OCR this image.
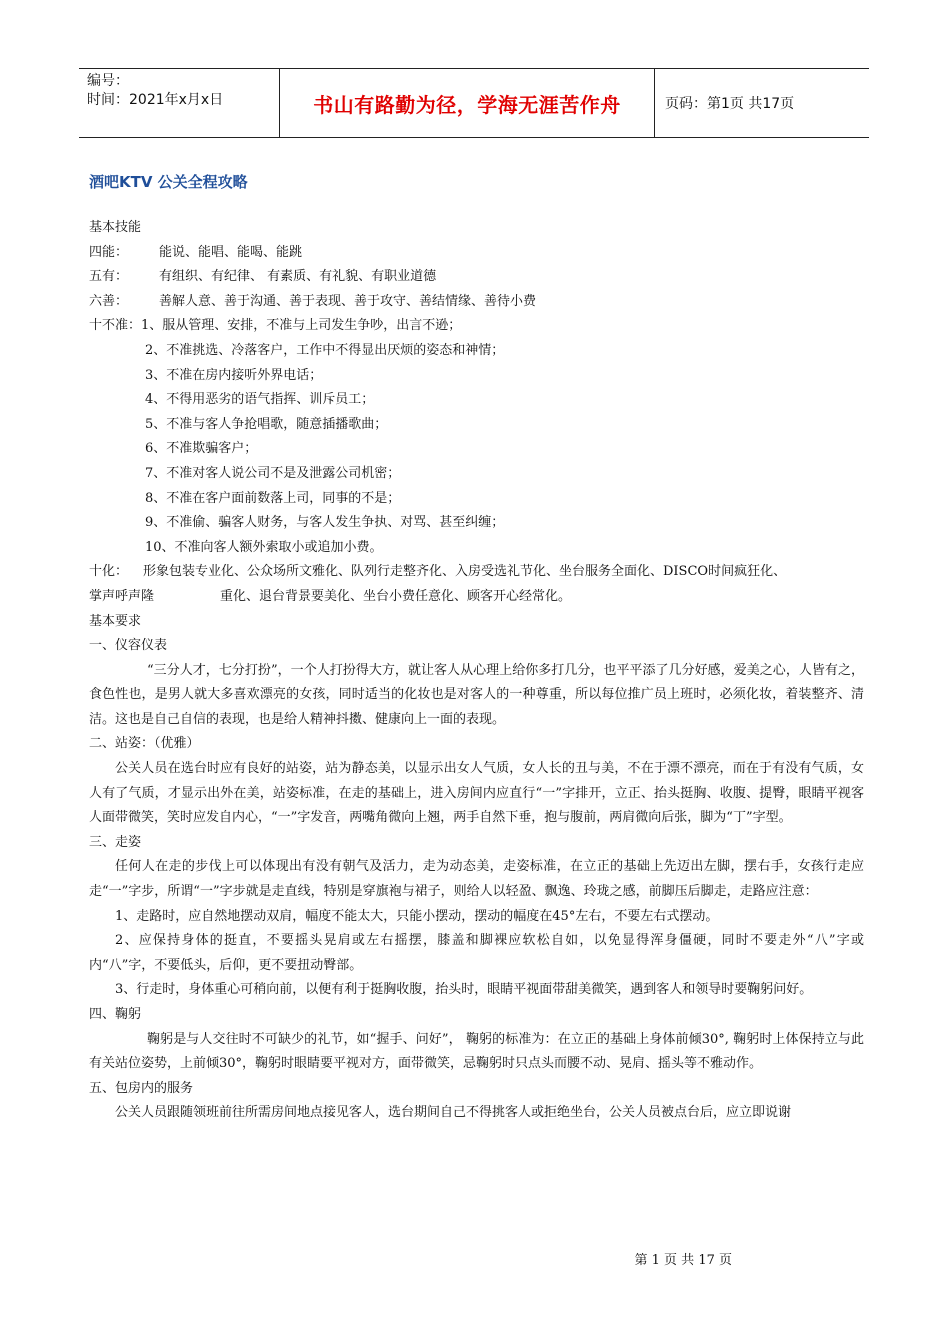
编号：
时间：2021年x月x日	书山有路勤为径，学海无涯苦作舟	页码：第1页 共17页
酒吧KTV 公关全程攻略
基本技能
四能： 能说、能唱、能喝、能跳
五有： 有组织、有纪律、 有素质、有礼貌、有职业道德
六善： 善解人意、善于沟通、善于表现、善于攻守、善结情缘、善待小费
十不准：1、服从管理、安排，不准与上司发生争吵，出言不逊；
2、不准挑选、冷落客户，工作中不得显出厌烦的姿态和神情；
3、不准在房内接听外界电话；
4、不得用恶劣的语气指挥、训斥员工；
5、不准与客人争抢唱歌，随意插播歌曲；
6、不准欺骗客户；
7、不准对客人说公司不是及泄露公司机密；
8、不准在客户面前数落上司，同事的不是；
9、不准偷、骗客人财务，与客人发生争执、对骂、甚至纠缠；
10、不准向客人额外索取小或追加小费。
十化： 形象包装专业化、公众场所文雅化、队列行走整齐化、入房受选礼节化、坐台服务全面化、DISCO时间疯狂化、
掌声呼声隆	重化、退台背景要美化、坐台小费任意化、顾客开心经常化。
基本要求
一、仪容仪表

“三分人才，七分打扮”，一个人打扮得大方，就让客人从心理上给你多打几分，也平平添了几分好感，爱美之心，人皆有之，食色性也，是男人就大多喜欢漂亮的女孩，同时适当的化妆也是对客人的一种尊重，所以每位推广员上班时，必须化妆，着装整齐、清洁。这也是自己自信的表现，也是给人精神抖擞、健康向上一面的表现。

二、站姿：（优雅）

公关人员在选台时应有良好的站姿，站为静态美，以显示出女人气质，女人长的丑与美，不在于漂不漂亮，而在于有没有气质，女人有了气质，才显示出外在美，站姿标准，在走的基础上，进入房间内应直行“一”字排开，立正、抬头挺胸、收腹、提臀，眼睛平视客人面带微笑，笑时应发自内心，“一”字发音，两嘴角微向上翘，两手自然下垂，抱与腹前，两肩微向后张，脚为“丁”字型。

三、走姿

任何人在走的步伐上可以体现出有没有朝气及活力，走为动态美，走姿标准，在立正的基础上先迈出左脚，摆右手，女孩行走应走“一”字步，所谓“一”字步就是走直线，特别是穿旗袍与裙子，则给人以轻盈、飘逸、玲珑之感，前脚压后脚走，走路应注意：

1、走路时，应自然地摆动双肩，幅度不能太大，只能小摆动，摆动的幅度在45°左右，不要左右式摆动。

2、应保持身体的挺直，不要摇头晃肩或左右摇摆，膝盖和脚裸应软松自如，以免显得浑身僵硬，同时不要走外“八”字或内“八”字，不要低头，后仰，更不要扭动臀部。

3、行走时，身体重心可稍向前，以便有利于挺胸收腹，抬头时，眼睛平视面带甜美微笑，遇到客人和领导时要鞠躬问好。

四、鞠躬

鞠躬是与人交往时不可缺少的礼节，如“握手、问好”， 鞠躬的标准为：在立正的基础上身体前倾30°, 鞠躬时上体保持立与此有关站位姿势，上前倾30°，鞠躬时眼睛要平视对方，面带微笑，忌鞠躬时只点头而腰不动、晃肩、摇头等不雅动作。

五、包房内的服务

公关人员跟随领班前往所需房间地点接见客人，选台期间自己不得挑客人或拒绝坐台，公关人员被点台后，应立即说谢

第 1 页 共 17 页
